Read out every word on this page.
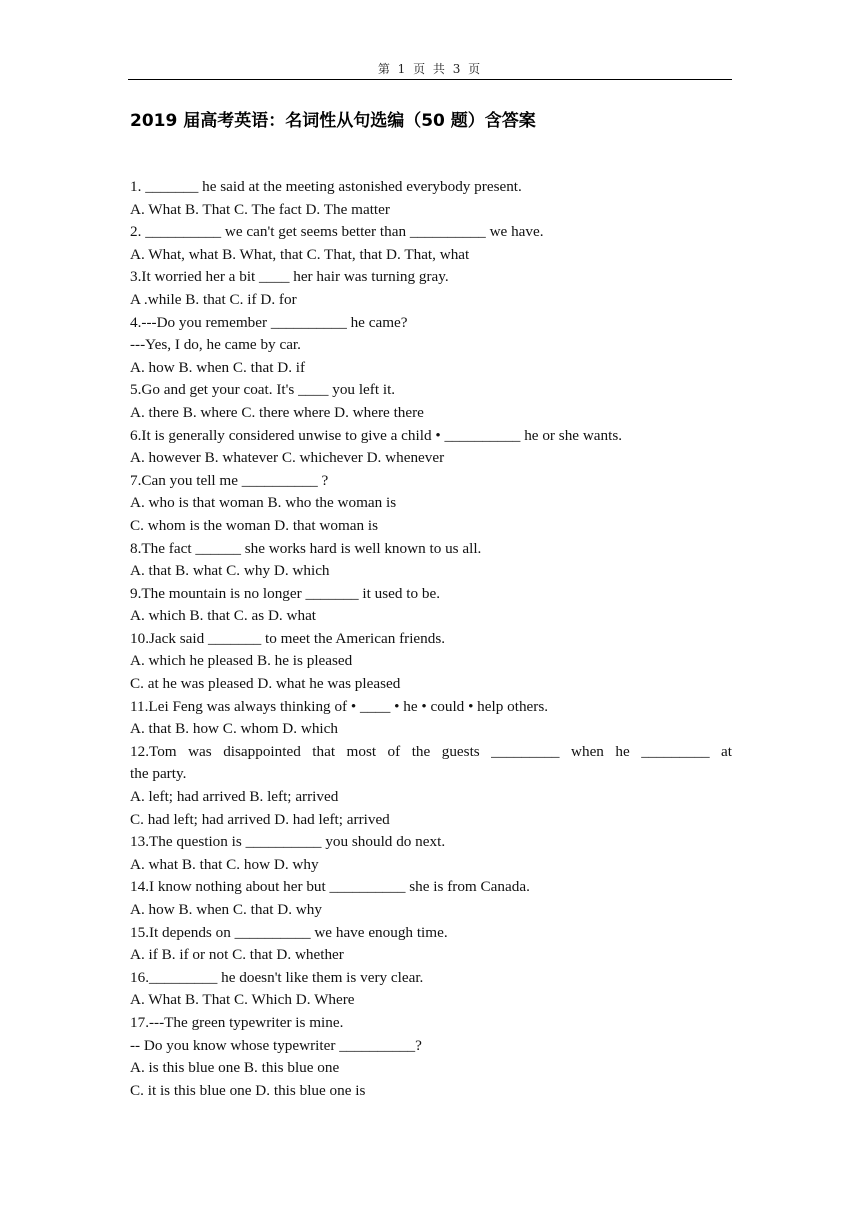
第 1 页 共 3 页
2019 届高考英语：名词性从句选编（50 题）含答案
1. _______ he said at the meeting astonished everybody present.
A. What B. That C. The fact D. The matter
2. __________ we can't get seems better than __________ we have.
A. What, what B. What, that C. That, that D. That, what
3.It worried her a bit ____ her hair was turning gray.
A .while B. that C. if D. for
4.---Do you remember __________ he came?
---Yes, I do, he came by car.
A. how B. when C. that D. if
5.Go and get your coat. It's ____ you left it.
A. there B. where C. there where D. where there
6.It is generally considered unwise to give a child • __________ he or she wants.
A. however B. whatever C. whichever D. whenever
7.Can you tell me __________ ?
A. who is that woman B. who the woman is
C. whom is the woman D. that woman is
8.The fact ______ she works hard is well known to us all.
A. that B. what C. why D. which
9.The mountain is no longer _______ it used to be.
A. which B. that C. as D. what
10.Jack said _______ to meet the American friends.
A. which he pleased B. he is pleased
C. at he was pleased D. what he was pleased
11.Lei Feng was always thinking of • ____ • he • could • help others.
A. that B. how C. whom D. which
12.Tom was disappointed that most of the guests _________ when he _________ at
the party.
A. left; had arrived B. left; arrived
C. had left; had arrived D. had left; arrived
13.The question is __________ you should do next.
A. what B. that C. how D. why
14.I know nothing about her but __________ she is from Canada.
A. how B. when C. that D. why
15.It depends on __________ we have enough time.
A. if B. if or not C. that D. whether
16._________ he doesn't like them is very clear.
A. What B. That C. Which D. Where
17.---The green typewriter is mine.
-- Do you know whose typewriter __________?
A. is this blue one B. this blue one
C. it is this blue one D. this blue one is
